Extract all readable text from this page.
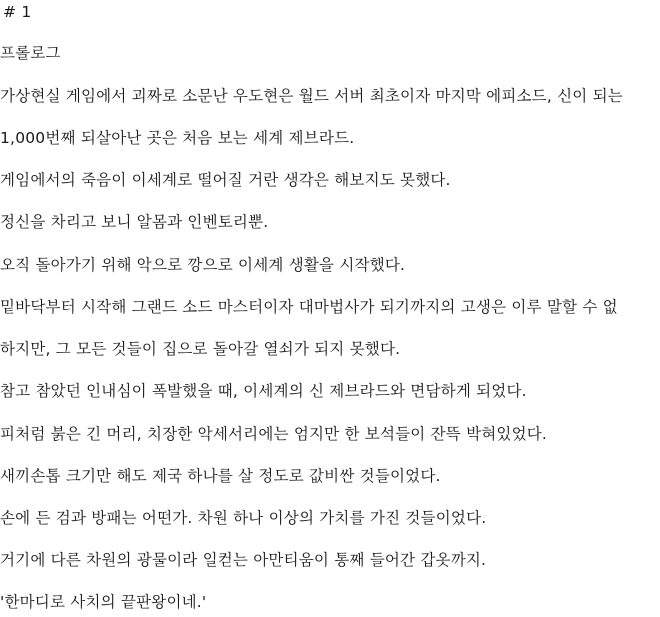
# 1
프롤로그
가상현실 게임에서 괴짜로 소문난 우도현은 월드 서버 최초이자 마지막 에피소드, 신이 되는
1,000번째 되살아난 곳은 처음 보는 세계 제브라드.
게임에서의 죽음이 이세계로 떨어질 거란 생각은 해보지도 못했다.
정신을 차리고 보니 알몸과 인벤토리뿐.
오직 돌아가기 위해 악으로 깡으로 이세계 생활을 시작했다.
밑바닥부터 시작해 그랜드 소드 마스터이자 대마법사가 되기까지의 고생은 이루 말할 수 없
하지만, 그 모든 것들이 집으로 돌아갈 열쇠가 되지 못했다.
참고 참았던 인내심이 폭발했을 때, 이세계의 신 제브라드와 면담하게 되었다.
피처럼 붉은 긴 머리, 치장한 악세서리에는 엄지만 한 보석들이 잔뜩 박혀있었다.
새끼손톱 크기만 해도 제국 하나를 살 정도로 값비싼 것들이었다.
손에 든 검과 방패는 어떤가. 차원 하나 이상의 가치를 가진 것들이었다.
거기에 다른 차원의 광물이라 일컫는 아만티움이 통째 들어간 갑옷까지.
'한마디로 사치의 끝판왕이네.'
